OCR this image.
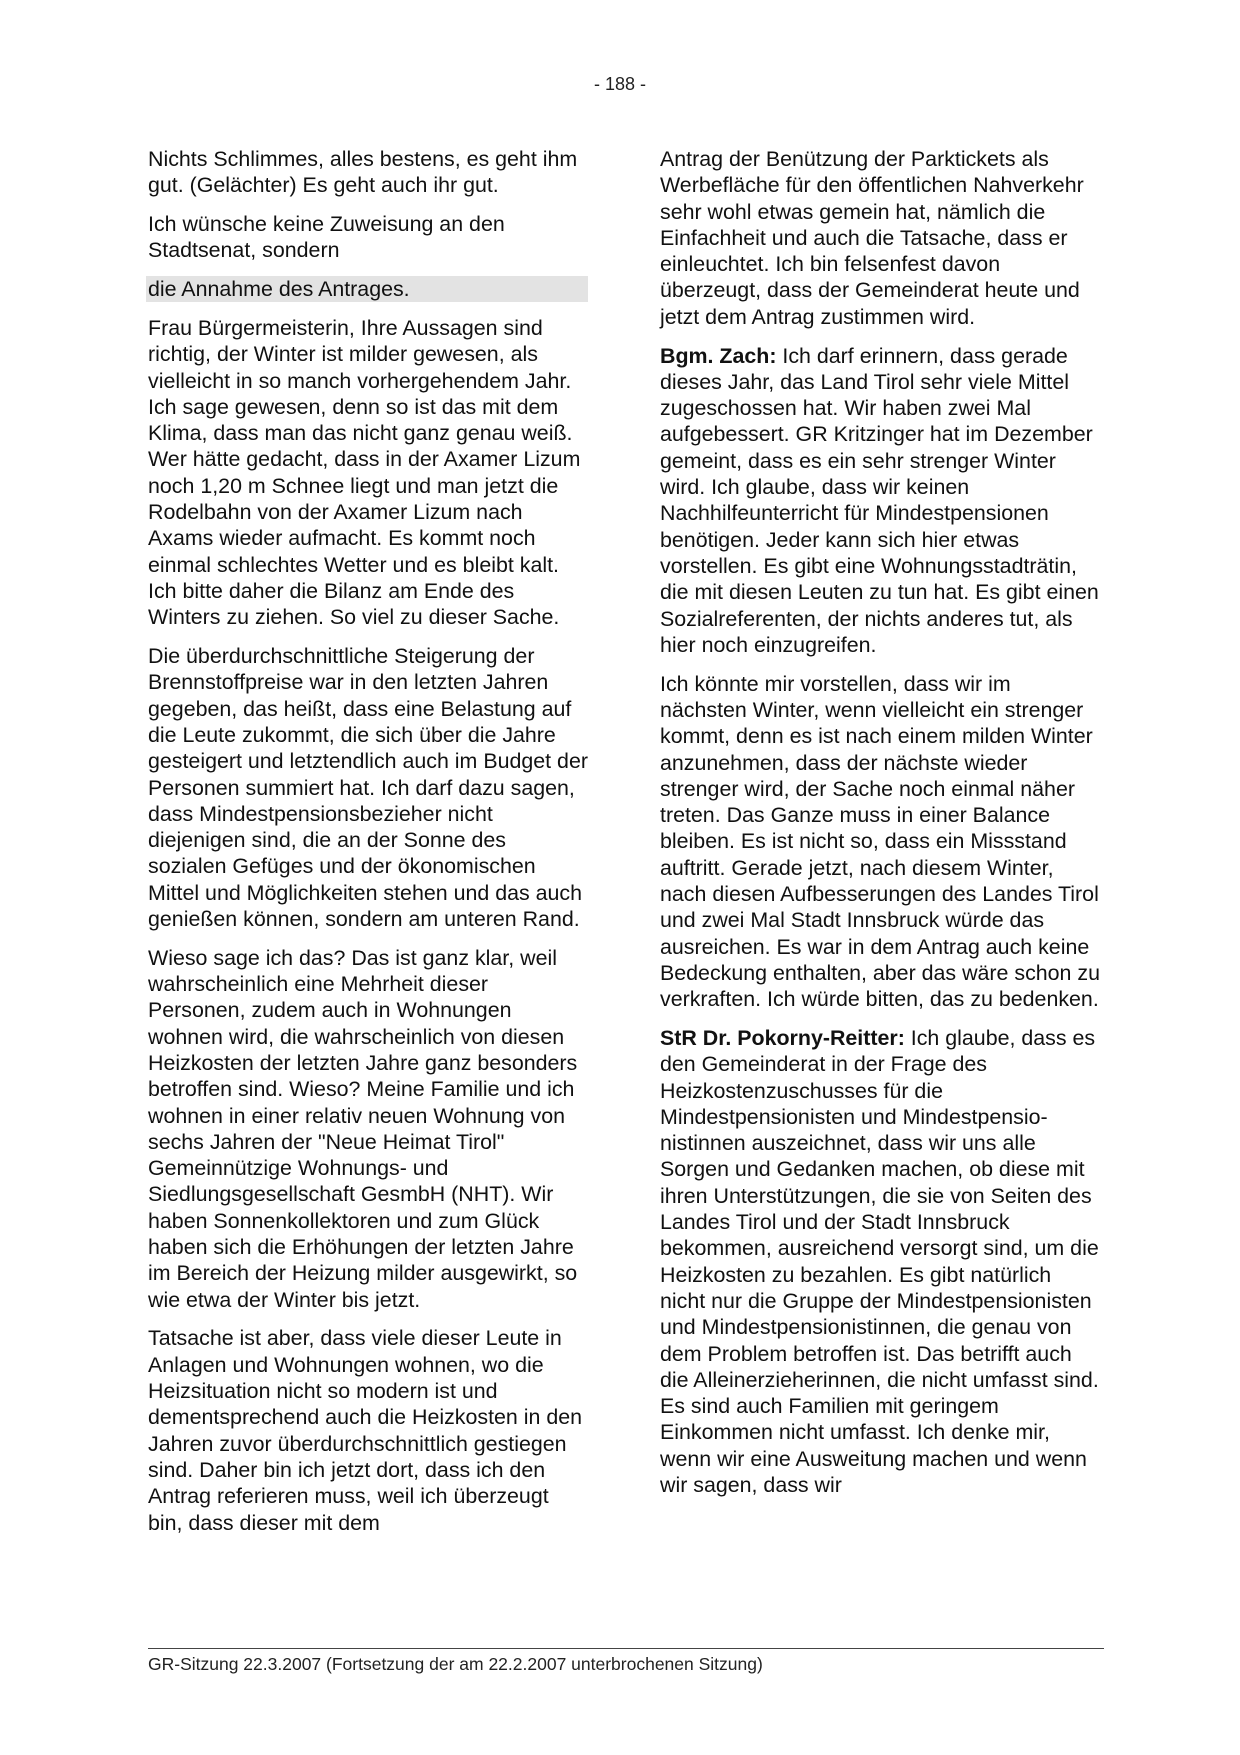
- 188 -

Nichts Schlimmes, alles bestens, es geht ihm gut. (Gelächter) Es geht auch ihr gut.

Ich wünsche keine Zuweisung an den Stadtsenat, sondern

die Annahme des Antrages.

Frau Bürgermeisterin, Ihre Aussagen sind richtig, der Winter ist milder gewesen, als vielleicht in so manch vorhergehendem Jahr. Ich sage gewesen, denn so ist das mit dem Klima, dass man das nicht ganz genau weiß. Wer hätte gedacht, dass in der Axamer Lizum noch 1,20 m Schnee liegt und man jetzt die Rodelbahn von der Axamer Lizum nach Axams wieder aufmacht. Es kommt noch einmal schlechtes Wetter und es bleibt kalt. Ich bitte daher die Bilanz am Ende des Winters zu ziehen. So viel zu dieser Sache.

Die überdurchschnittliche Steigerung der Brennstoffpreise war in den letzten Jahren gegeben, das heißt, dass eine Belastung auf die Leute zukommt, die sich über die Jahre gesteigert und letztendlich auch im Budget der Personen summiert hat. Ich darf dazu sagen, dass Mindestpensionsbezieher nicht diejenigen sind, die an der Sonne des sozialen Gefüges und der ökonomischen Mittel und Möglichkeiten stehen und das auch genießen können, sondern am unteren Rand.

Wieso sage ich das? Das ist ganz klar, weil wahrscheinlich eine Mehrheit dieser Personen, zudem auch in Wohnungen wohnen wird, die wahrscheinlich von diesen Heizkosten der letzten Jahre ganz besonders betroffen sind. Wieso? Meine Familie und ich wohnen in einer relativ neuen Wohnung von sechs Jahren der "Neue Heimat Tirol" Gemeinnützige Wohnungs- und Siedlungsgesellschaft GesmbH (NHT). Wir haben Sonnenkollektoren und zum Glück haben sich die Erhöhungen der letzten Jahre im Bereich der Heizung milder ausgewirkt, so wie etwa der Winter bis jetzt.

Tatsache ist aber, dass viele dieser Leute in Anlagen und Wohnungen wohnen, wo die Heizsituation nicht so modern ist und dementsprechend auch die Heizkosten in den Jahren zuvor überdurchschnittlich gestiegen sind. Daher bin ich jetzt dort, dass ich den Antrag referieren muss, weil ich überzeugt bin, dass dieser mit dem

Antrag der Benützung der Parktickets als Werbefläche für den öffentlichen Nahverkehr sehr wohl etwas gemein hat, nämlich die Einfachheit und auch die Tatsache, dass er einleuchtet. Ich bin felsenfest davon überzeugt, dass der Gemeinderat heute und jetzt dem Antrag zustimmen wird.

Bgm. Zach: Ich darf erinnern, dass gerade dieses Jahr, das Land Tirol sehr viele Mittel zugeschossen hat. Wir haben zwei Mal aufgebessert. GR Kritzinger hat im Dezember gemeint, dass es ein sehr strenger Winter wird. Ich glaube, dass wir keinen Nachhilfeunterricht für Mindestpensionen benötigen. Jeder kann sich hier etwas vorstellen. Es gibt eine Wohnungsstadträtin, die mit diesen Leuten zu tun hat. Es gibt einen Sozialreferenten, der nichts anderes tut, als hier noch einzugreifen.

Ich könnte mir vorstellen, dass wir im nächsten Winter, wenn vielleicht ein strenger kommt, denn es ist nach einem milden Winter anzunehmen, dass der nächste wieder strenger wird, der Sache noch einmal näher treten. Das Ganze muss in einer Balance bleiben. Es ist nicht so, dass ein Missstand auftritt. Gerade jetzt, nach diesem Winter, nach diesen Aufbesserungen des Landes Tirol und zwei Mal Stadt Innsbruck würde das ausreichen. Es war in dem Antrag auch keine Bedeckung enthalten, aber das wäre schon zu verkraften. Ich würde bitten, das zu bedenken.

StR Dr. Pokorny-Reitter: Ich glaube, dass es den Gemeinderat in der Frage des Heizkostenzuschusses für die Mindestpensionisten und Mindestpensionistinnen auszeichnet, dass wir uns alle Sorgen und Gedanken machen, ob diese mit ihren Unterstützungen, die sie von Seiten des Landes Tirol und der Stadt Innsbruck bekommen, ausreichend versorgt sind, um die Heizkosten zu bezahlen. Es gibt natürlich nicht nur die Gruppe der Mindestpensionisten und Mindestpensionistinnen, die genau von dem Problem betroffen ist. Das betrifft auch die Alleinerzieherinnen, die nicht umfasst sind. Es sind auch Familien mit geringem Einkommen nicht umfasst. Ich denke mir, wenn wir eine Ausweitung machen und wenn wir sagen, dass wir

GR-Sitzung 22.3.2007 (Fortsetzung der am 22.2.2007 unterbrochenen Sitzung)
